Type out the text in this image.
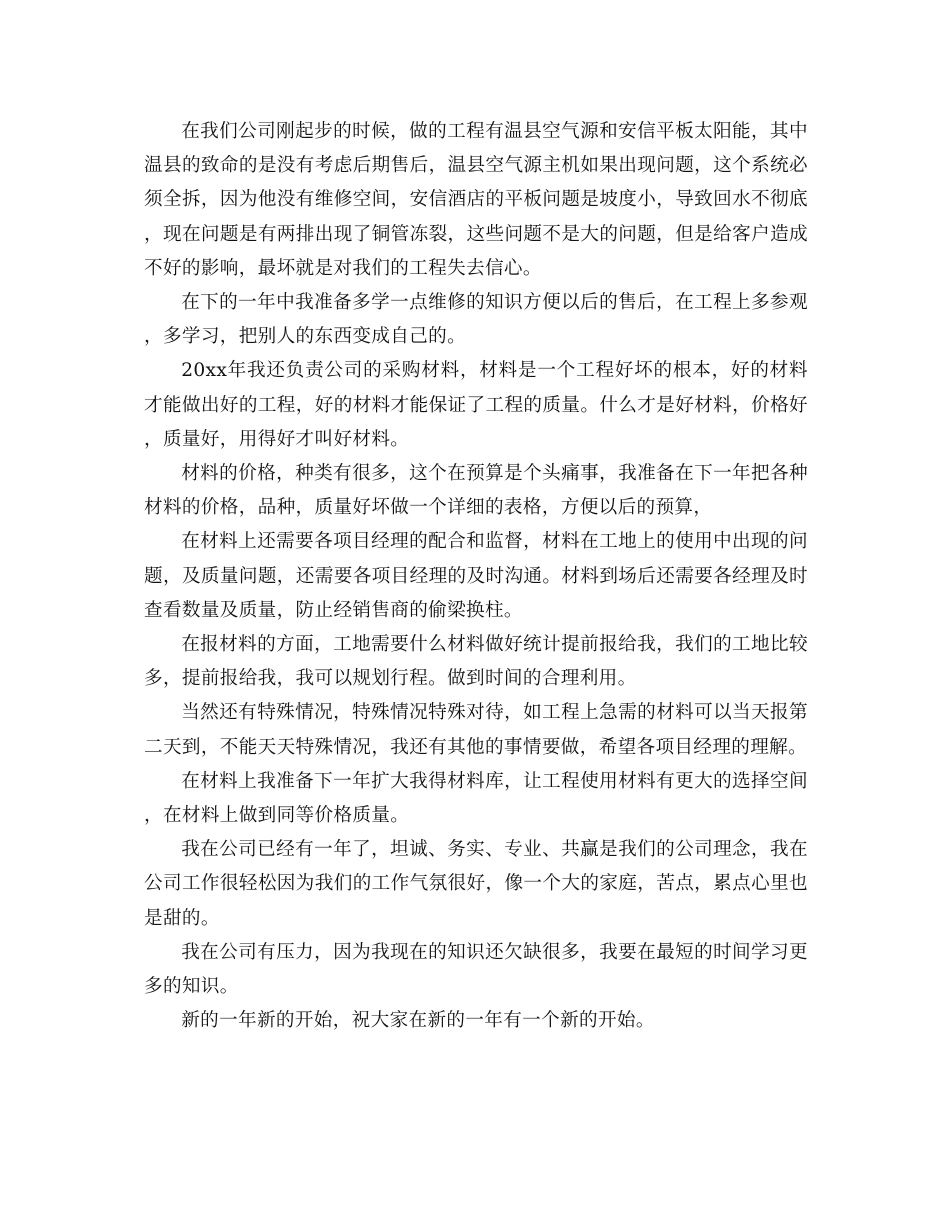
在我们公司刚起步的时候，做的工程有温县空气源和安信平板太阳能，其中温县的致命的是没有考虑后期售后，温县空气源主机如果出现问题，这个系统必须全拆，因为他没有维修空间，安信酒店的平板问题是坡度小，导致回水不彻底，现在问题是有两排出现了铜管冻裂，这些问题不是大的问题，但是给客户造成不好的影响，最坏就是对我们的工程失去信心。

在下的一年中我准备多学一点维修的知识方便以后的售后，在工程上多参观，多学习，把别人的东西变成自己的。

20xx年我还负责公司的采购材料，材料是一个工程好坏的根本，好的材料才能做出好的工程，好的材料才能保证了工程的质量。什么才是好材料，价格好，质量好，用得好才叫好材料。

材料的价格，种类有很多，这个在预算是个头痛事，我准备在下一年把各种材料的价格，品种，质量好坏做一个详细的表格，方便以后的预算，

在材料上还需要各项目经理的配合和监督，材料在工地上的使用中出现的问题，及质量问题，还需要各项目经理的及时沟通。材料到场后还需要各经理及时查看数量及质量，防止经销售商的偷梁换柱。

在报材料的方面，工地需要什么材料做好统计提前报给我，我们的工地比较多，提前报给我，我可以规划行程。做到时间的合理利用。

当然还有特殊情况，特殊情况特殊对待，如工程上急需的材料可以当天报第二天到，不能天天特殊情况，我还有其他的事情要做，希望各项目经理的理解。

在材料上我准备下一年扩大我得材料库，让工程使用材料有更大的选择空间，在材料上做到同等价格质量。

我在公司已经有一年了，坦诚、务实、专业、共赢是我们的公司理念，我在公司工作很轻松因为我们的工作气氛很好，像一个大的家庭，苦点，累点心里也是甜的。

我在公司有压力，因为我现在的知识还欠缺很多，我要在最短的时间学习更多的知识。

新的一年新的开始，祝大家在新的一年有一个新的开始。
